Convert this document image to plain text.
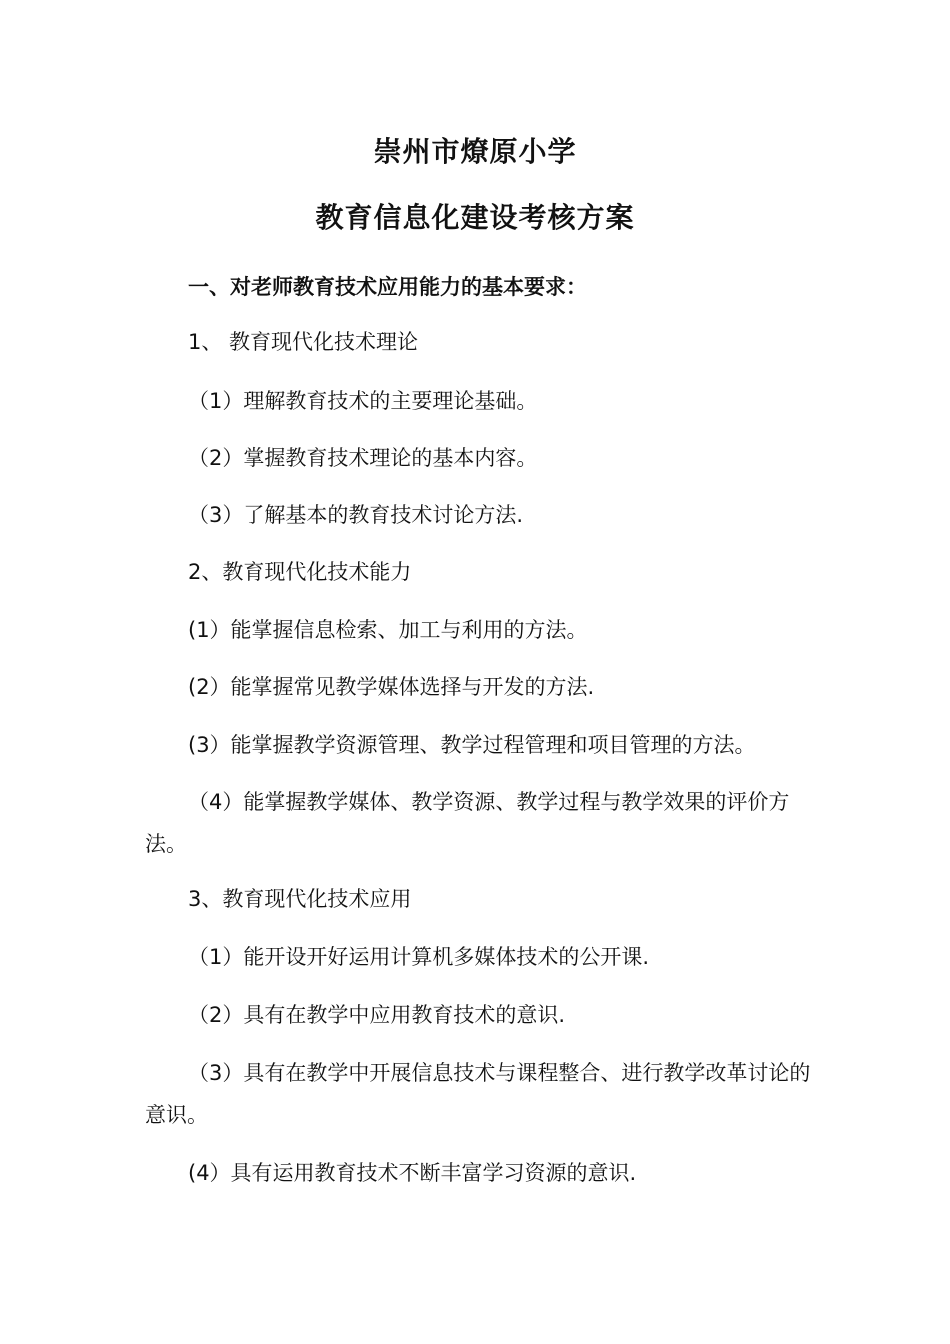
崇州市燎原小学
教育信息化建设考核方案
一、对老师教育技术应用能力的基本要求：
1、 教育现代化技术理论
（1）理解教育技术的主要理论基础。
（2）掌握教育技术理论的基本内容。
（3）了解基本的教育技术讨论方法.
2、教育现代化技术能力
(1）能掌握信息检索、加工与利用的方法。
(2）能掌握常见教学媒体选择与开发的方法.
(3）能掌握教学资源管理、教学过程管理和项目管理的方法。
（4）能掌握教学媒体、教学资源、教学过程与教学效果的评价方法。
3、教育现代化技术应用
（1）能开设开好运用计算机多媒体技术的公开课.
（2）具有在教学中应用教育技术的意识.
（3）具有在教学中开展信息技术与课程整合、进行教学改革讨论的意识。
(4）具有运用教育技术不断丰富学习资源的意识.
